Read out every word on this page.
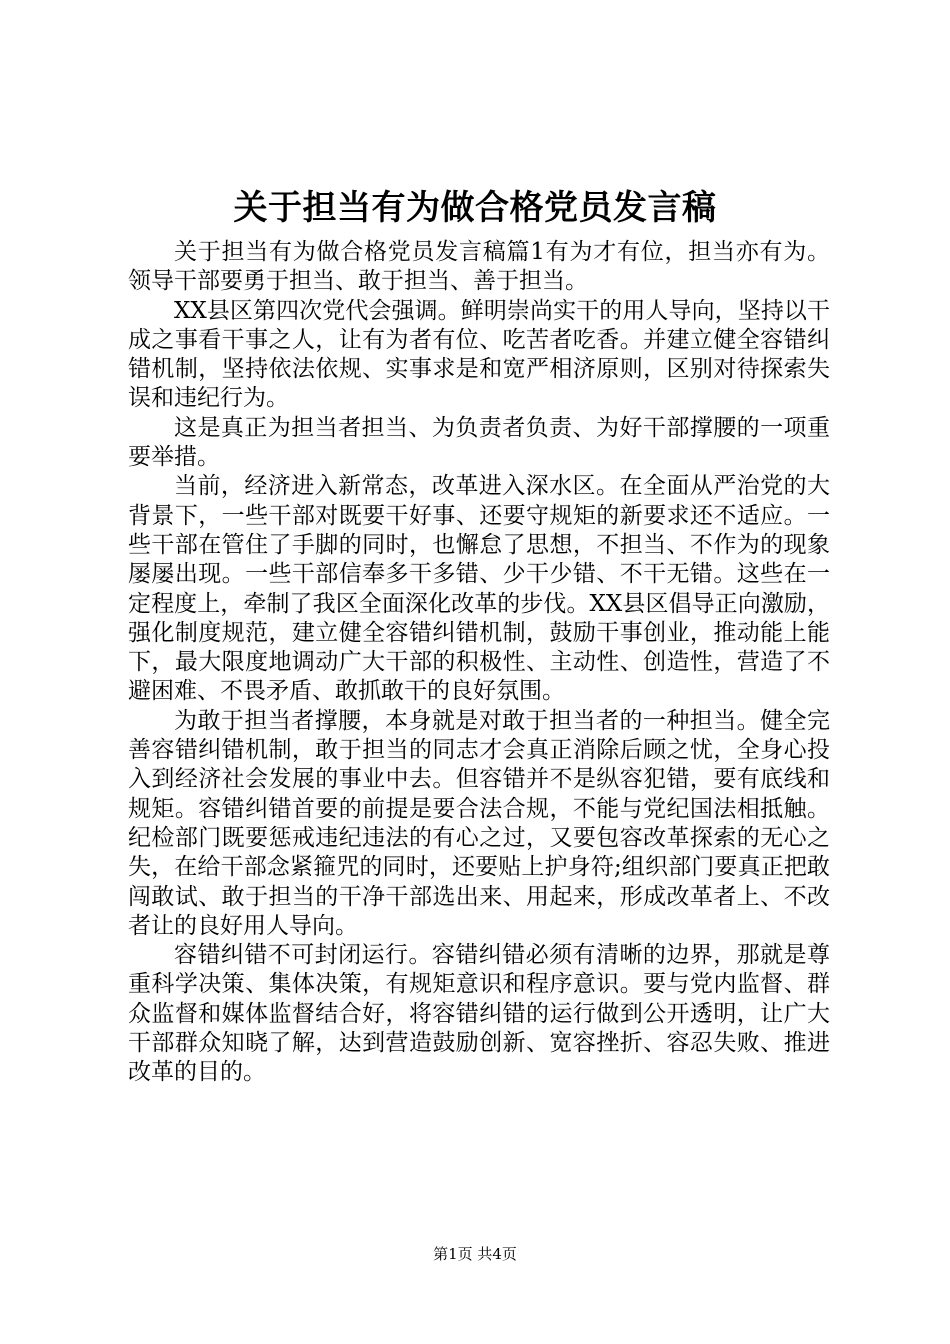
关于担当有为做合格党员发言稿

关于担当有为做合格党员发言稿篇1有为才有位，担当亦有为。领导干部要勇于担当、敢于担当、善于担当。

XX县区第四次党代会强调。鲜明崇尚实干的用人导向，坚持以干成之事看干事之人，让有为者有位、吃苦者吃香。并建立健全容错纠错机制，坚持依法依规、实事求是和宽严相济原则，区别对待探索失误和违纪行为。

这是真正为担当者担当、为负责者负责、为好干部撑腰的一项重要举措。

当前，经济进入新常态，改革进入深水区。在全面从严治党的大背景下，一些干部对既要干好事、还要守规矩的新要求还不适应。一些干部在管住了手脚的同时，也懈怠了思想，不担当、不作为的现象屡屡出现。一些干部信奉多干多错、少干少错、不干无错。这些在一定程度上，牵制了我区全面深化改革的步伐。XX县区倡导正向激励，强化制度规范，建立健全容错纠错机制，鼓励干事创业，推动能上能下，最大限度地调动广大干部的积极性、主动性、创造性，营造了不避困难、不畏矛盾、敢抓敢干的良好氛围。

为敢于担当者撑腰，本身就是对敢于担当者的一种担当。健全完善容错纠错机制，敢于担当的同志才会真正消除后顾之忧，全身心投入到经济社会发展的事业中去。但容错并不是纵容犯错，要有底线和规矩。容错纠错首要的前提是要合法合规，不能与党纪国法相抵触。纪检部门既要惩戒违纪违法的有心之过，又要包容改革探索的无心之失，在给干部念紧箍咒的同时，还要贴上护身符;组织部门要真正把敢闯敢试、敢于担当的干净干部选出来、用起来，形成改革者上、不改者让的良好用人导向。

容错纠错不可封闭运行。容错纠错必须有清晰的边界，那就是尊重科学决策、集体决策，有规矩意识和程序意识。要与党内监督、群众监督和媒体监督结合好，将容错纠错的运行做到公开透明，让广大干部群众知晓了解，达到营造鼓励创新、宽容挫折、容忍失败、推进改革的目的。

第1页 共4页
